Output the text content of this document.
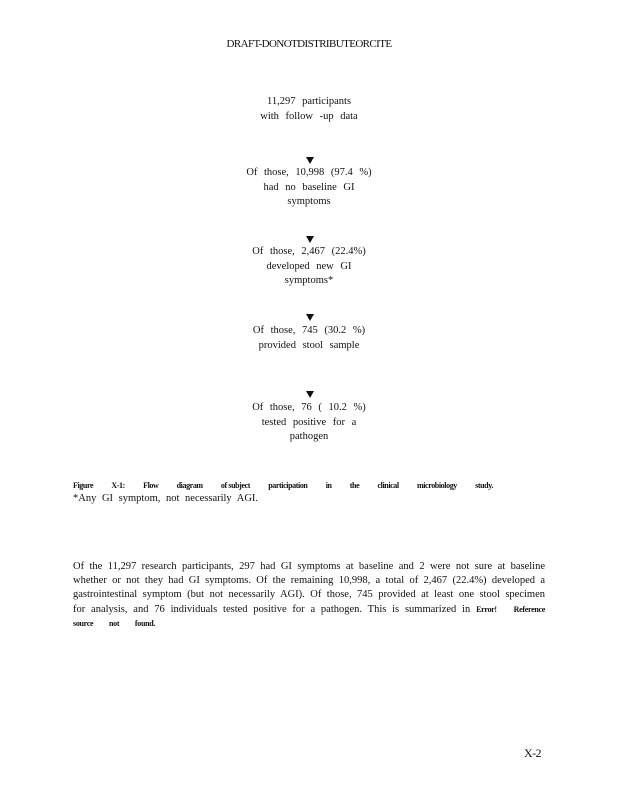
DRAFT-DONOTDISTRIBUTEORCITE
11,297 participants
with follow -up data
Of those, 10,998 (97.4 %)
had no baseline GI
symptoms
Of those, 2,467 (22.4%)
developed new GI
symptoms*
Of those, 745 (30.2 %)
provided stool sample
Of those, 76 ( 10.2 %)
tested positive for a
pathogen
Figure X-1: Flow diagram of subject participation in the clinical microbiology study.
*Any GI symptom, not necessarily AGI.
Of the 11,297 research participants, 297 had GI symptoms at baseline and 2 were not sure at baseline whether or not they had GI symptoms. Of the remaining 10,998, a total of 2,467 (22.4%) developed a gastrointestinal symptom (but not necessarily AGI). Of those, 745 provided at least one stool specimen for analysis, and 76 individuals tested positive for a pathogen. This is summarized in Error! Reference source not found.
X-2
